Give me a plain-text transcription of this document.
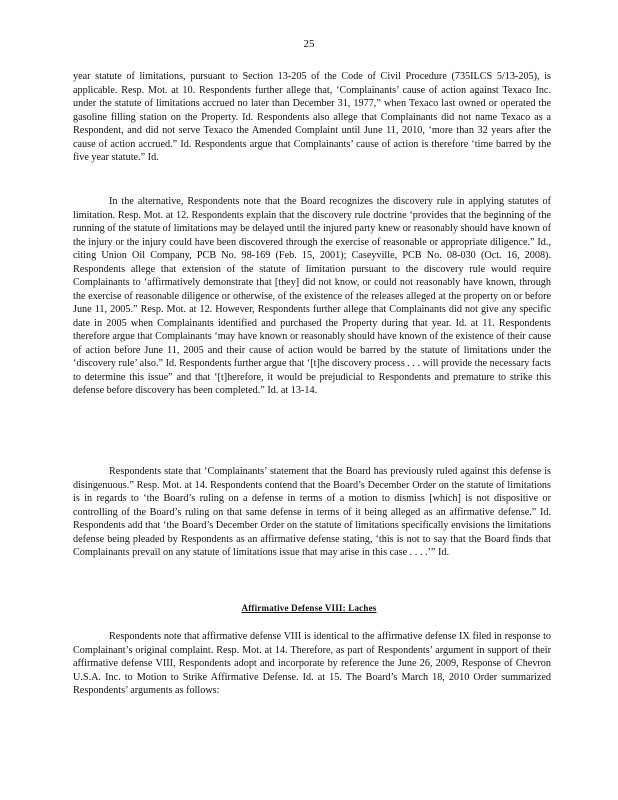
25

year statute of limitations, pursuant to Section 13-205 of the Code of Civil Procedure (735ILCS 5/13-205), is applicable. Resp. Mot. at 10. Respondents further allege that, ‘Complainants’ cause of action against Texaco Inc. under the statute of limitations accrued no later than December 31, 1977,” when Texaco last owned or operated the gasoline filling station on the Property. Id. Respondents also allege that Complainants did not name Texaco as a Respondent, and did not serve Texaco the Amended Complaint until June 11, 2010, ‘more than 32 years after the cause of action accrued.” Id. Respondents argue that Complainants’ cause of action is therefore ‘time barred by the five year statute.” Id.

In the alternative, Respondents note that the Board recognizes the discovery rule in applying statutes of limitation. Resp. Mot. at 12. Respondents explain that the discovery rule doctrine ‘provides that the beginning of the running of the statute of limitations may be delayed until the injured party knew or reasonably should have known of the injury or the injury could have been discovered through the exercise of reasonable or appropriate diligence.” Id., citing Union Oil Company, PCB No. 98-169 (Feb. 15, 2001); Caseyville, PCB No. 08-030 (Oct. 16, 2008). Respondents allege that extension of the statute of limitation pursuant to the discovery rule would require Complainants to ‘affirmatively demonstrate that [they] did not know, or could not reasonably have known, through the exercise of reasonable diligence or otherwise, of the existence of the releases alleged at the property on or before June 11, 2005.” Resp. Mot. at 12. However, Respondents further allege that Complainants did not give any specific date in 2005 when Complainants identified and purchased the Property during that year. Id. at 11. Respondents therefore argue that Complainants ‘may have known or reasonably should have known of the existence of their cause of action before June 11, 2005 and their cause of action would be barred by the statute of limitations under the ‘discovery rule’ also.” Id. Respondents further argue that ‘[t]he discovery process . . . will provide the necessary facts to determine this issue” and that ‘[t]herefore, it would be prejudicial to Respondents and premature to strike this defense before discovery has been completed.” Id. at 13-14.

Respondents state that ‘Complainants’ statement that the Board has previously ruled against this defense is disingenuous.” Resp. Mot. at 14. Respondents contend that the Board’s December Order on the statute of limitations is in regards to ‘the Board’s ruling on a defense in terms of a motion to dismiss [which] is not dispositive or controlling of the Board’s ruling on that same defense in terms of it being alleged as an affirmative defense.” Id. Respondents add that ‘the Board’s December Order on the statute of limitations specifically envisions the limitations defense being pleaded by Respondents as an affirmative defense stating, ‘this is not to say that the Board finds that Complainants prevail on any statute of limitations issue that may arise in this case . . . .’” Id.

Affirmative Defense VIII: Laches

Respondents note that affirmative defense VIII is identical to the affirmative defense IX filed in response to Complainant’s original complaint. Resp. Mot. at 14. Therefore, as part of Respondents’ argument in support of their affirmative defense VIII, Respondents adopt and incorporate by reference the June 26, 2009, Response of Chevron U.S.A. Inc. to Motion to Strike Affirmative Defense. Id. at 15. The Board’s March 18, 2010 Order summarized Respondents’ arguments as follows:
